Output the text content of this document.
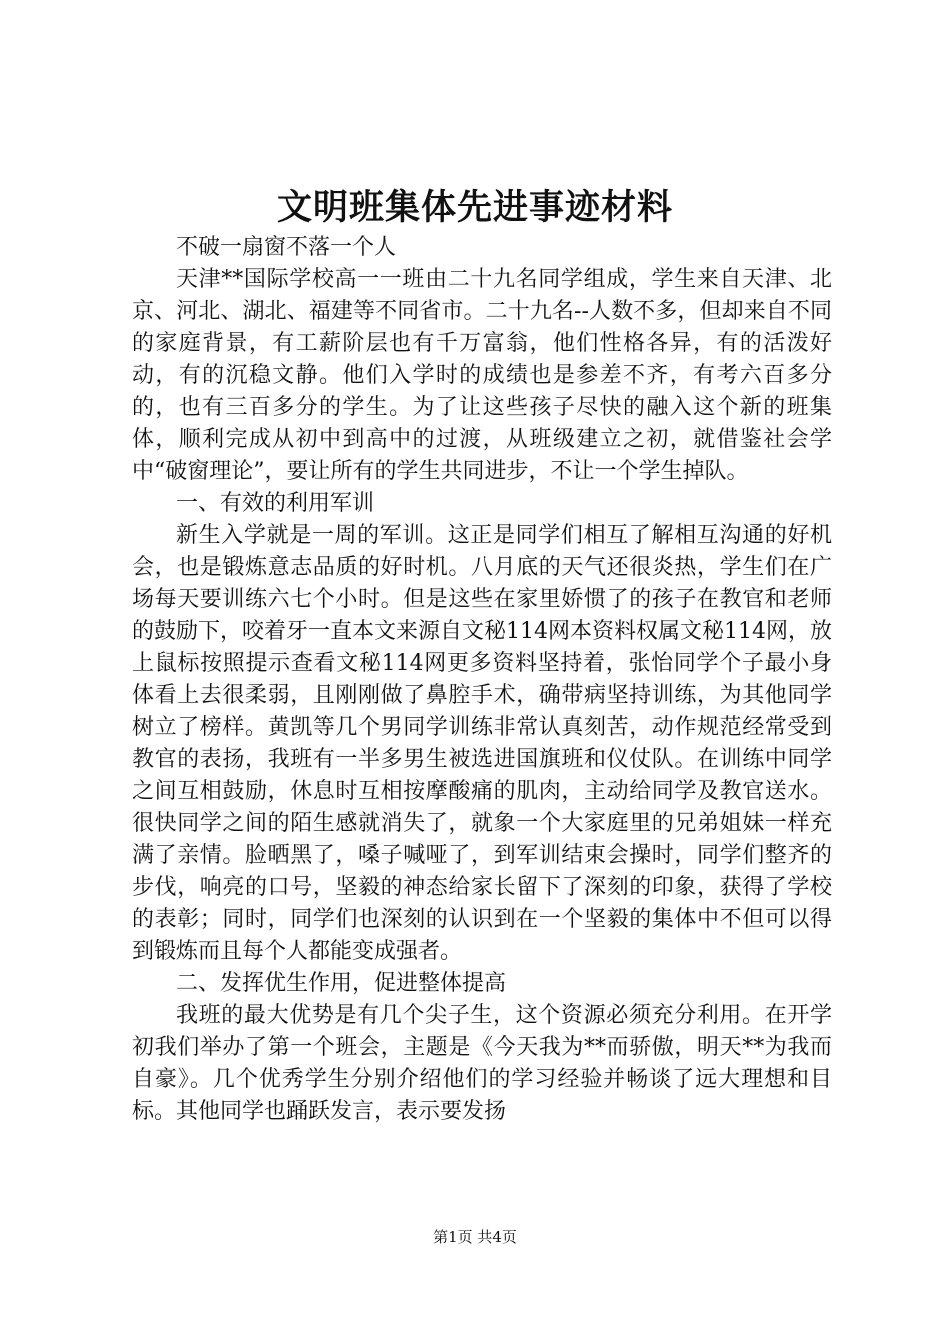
文明班集体先进事迹材料

不破一扇窗不落一个人

天津**国际学校高一一班由二十九名同学组成，学生来自天津、北京、河北、湖北、福建等不同省市。二十九名--人数不多，但却来自不同的家庭背景，有工薪阶层也有千万富翁，他们性格各异，有的活泼好动，有的沉稳文静。他们入学时的成绩也是参差不齐，有考六百多分的，也有三百多分的学生。为了让这些孩子尽快的融入这个新的班集体，顺利完成从初中到高中的过渡，从班级建立之初，就借鉴社会学中“破窗理论”，要让所有的学生共同进步，不让一个学生掉队。

一、有效的利用军训

新生入学就是一周的军训。这正是同学们相互了解相互沟通的好机会，也是锻炼意志品质的好时机。八月底的天气还很炎热，学生们在广场每天要训练六七个小时。但是这些在家里娇惯了的孩子在教官和老师的鼓励下，咬着牙一直本文来源自文秘114网本资料权属文秘114网，放上鼠标按照提示查看文秘114网更多资料坚持着，张怡同学个子最小身体看上去很柔弱，且刚刚做了鼻腔手术，确带病坚持训练，为其他同学树立了榜样。黄凯等几个男同学训练非常认真刻苦，动作规范经常受到教官的表扬，我班有一半多男生被选进国旗班和仪仗队。在训练中同学之间互相鼓励，休息时互相按摩酸痛的肌肉，主动给同学及教官送水。很快同学之间的陌生感就消失了，就象一个大家庭里的兄弟姐妹一样充满了亲情。脸晒黑了，嗓子喊哑了，到军训结束会操时，同学们整齐的步伐，响亮的口号，坚毅的神态给家长留下了深刻的印象，获得了学校的表彰；同时，同学们也深刻的认识到在一个坚毅的集体中不但可以得到锻炼而且每个人都能变成强者。

二、发挥优生作用，促进整体提高

我班的最大优势是有几个尖子生，这个资源必须充分利用。在开学初我们举办了第一个班会，主题是《今天我为**而骄傲，明天**为我而自豪》。几个优秀学生分别介绍他们的学习经验并畅谈了远大理想和目标。其他同学也踊跃发言，表示要发扬

第1页 共4页
